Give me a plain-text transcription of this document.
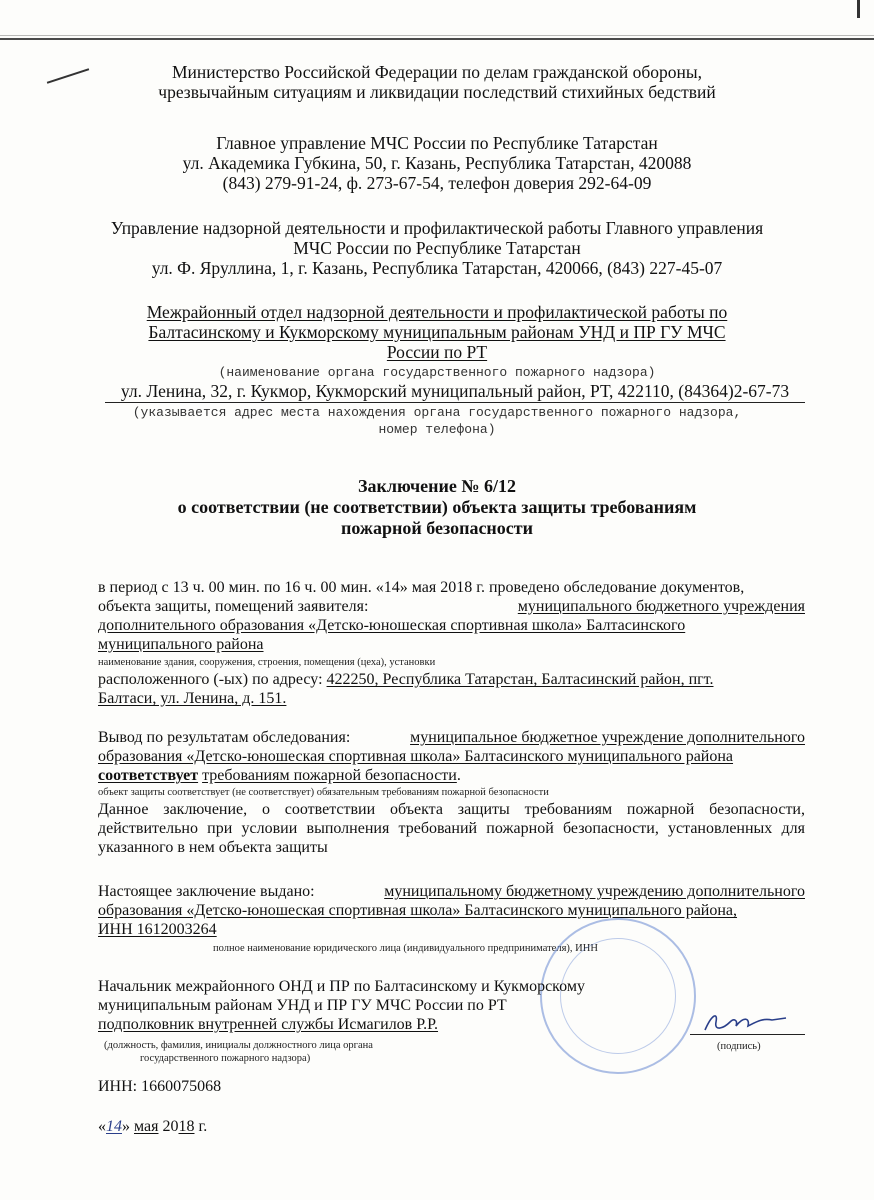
Министерство Российской Федерации по делам гражданской обороны,
чрезвычайным ситуациям и ликвидации последствий стихийных бедствий
Главное управление МЧС России по Республике Татарстан
ул. Академика Губкина, 50, г. Казань, Республика Татарстан, 420088
(843) 279-91-24, ф. 273-67-54, телефон доверия 292-64-09
Управление надзорной деятельности и профилактической работы Главного управления
МЧС России по Республике Татарстан
ул. Ф. Яруллина, 1, г. Казань, Республика Татарстан, 420066, (843) 227-45-07
Межрайонный отдел надзорной деятельности и профилактической работы по
Балтасинскому и Кукморскому муниципальным районам УНД и ПР ГУ МЧС
России по РТ
(наименование органа государственного пожарного надзора)
ул. Ленина, 32, г. Кукмор, Кукморский муниципальный район, РТ, 422110, (84364)2-67-73
(указывается адрес места нахождения органа государственного пожарного надзора,
номер телефона)
Заключение № 6/12
о соответствии (не соответствии) объекта защиты требованиям
пожарной безопасности
в период с 13 ч. 00 мин. по 16 ч. 00 мин. «14» мая 2018 г. проведено обследование документов,
объекта защиты, помещений заявителя:	муниципального бюджетного учреждения
дополнительного образования «Детско-юношеская спортивная школа» Балтасинского
муниципального района
наименование здания, сооружения, строения, помещения (цеха), установки
расположенного (-ых) по адресу: 422250, Республика Татарстан, Балтасинский район, пгт.
Балтаси, ул. Ленина, д. 151.
Вывод по результатам обследования:	муниципальное бюджетное учреждение дополнительного
образования «Детско-юношеская спортивная школа» Балтасинского муниципального района
соответствует требованиям пожарной безопасности.
объект защиты соответствует (не соответствует) обязательным требованиям пожарной безопасности
Данное заключение, о соответствии объекта защиты требованиям пожарной безопасности, действительно при условии выполнения требований пожарной безопасности, установленных для указанного в нем объекта защиты
Настоящее заключение выдано:	муниципальному бюджетному учреждению дополнительного
образования «Детско-юношеская спортивная школа» Балтасинского муниципального района,
ИНН 1612003264
полное наименование юридического лица (индивидуального предпринимателя), ИНН
Начальник межрайонного ОНД и ПР по Балтасинскому и Кукморскому
муниципальным районам УНД и ПР ГУ МЧС России по РТ
подполковник внутренней службы Исмагилов Р.Р.
(должность, фамилия, инициалы должностного лица органа
государственного пожарного надзора)
(подпись)
ИНН: 1660075068
«14» мая 2018 г.
